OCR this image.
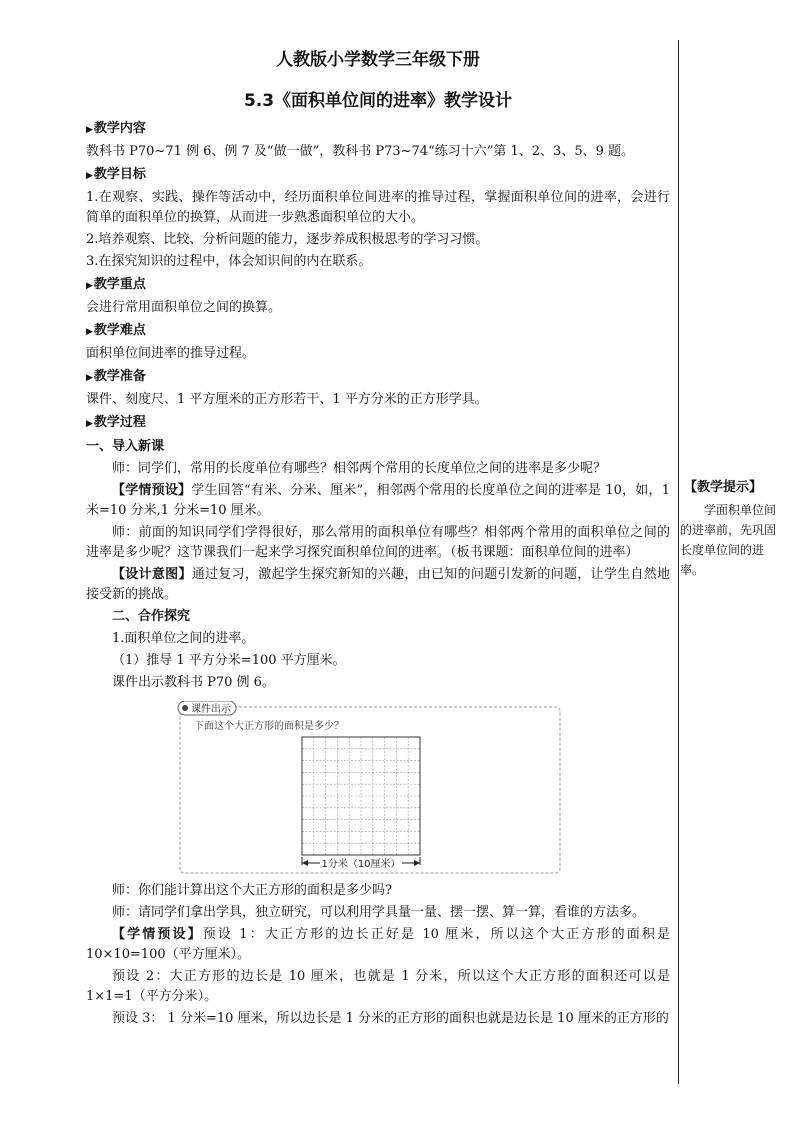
人教版小学数学三年级下册
5.3《面积单位间的进率》教学设计
▶教学内容
教科书 P70~71 例 6、例 7 及“做一做”，教科书 P73~74“练习十六”第 1、2、3、5、9 题。
▶教学目标
1.在观察、实践、操作等活动中，经历面积单位间进率的推导过程，掌握面积单位间的进率，会进行简单的面积单位的换算，从而进一步熟悉面积单位的大小。
2.培养观察、比较、分析问题的能力，逐步养成积极思考的学习习惯。
3.在探究知识的过程中，体会知识间的内在联系。
▶教学重点
会进行常用面积单位之间的换算。
▶教学难点
面积单位间进率的推导过程。
▶教学准备
课件、刻度尺、1 平方厘米的正方形若干、1 平方分米的正方形学具。
▶教学过程
一、导入新课
师：同学们，常用的长度单位有哪些？相邻两个常用的长度单位之间的进率是多少呢？
【学情预设】学生回答“有米、分米、厘米”，相邻两个常用的长度单位之间的进率是 10，如，1 米=10 分米,1 分米=10 厘米。
师：前面的知识同学们学得很好，那么常用的面积单位有哪些？相邻两个常用的面积单位之间的进率是多少呢？这节课我们一起来学习探究面积单位间的进率。（板书课题：面积单位间的进率）
【设计意图】通过复习，激起学生探究新知的兴趣，由已知的问题引发新的问题，让学生自然地接受新的挑战。
二、合作探究
1.面积单位之间的进率。
（1）推导 1 平方分米=100 平方厘米。
课件出示教科书 P70 例 6。
课件出示
下面这个大正方形的面积是多少？
1分米（10厘米）
师：你们能计算出这个大正方形的面积是多少吗?
师：请同学们拿出学具，独立研究，可以利用学具量一量、摆一摆、算一算，看谁的方法多。
【学情预设】预设 1：大正方形的边长正好是 10 厘米，所以这个大正方形的面积是 10×10=100（平方厘米）。
预设 2：大正方形的边长是 10 厘米，也就是 1 分米，所以这个大正方形的面积还可以是 1×1=1（平方分米）。
预设 3： 1 分米=10 厘米，所以边长是 1 分米的正方形的面积也就是边长是 10 厘米的正方形的
【教学提示】
学面积单位间的进率前，先巩固长度单位间的进率。
